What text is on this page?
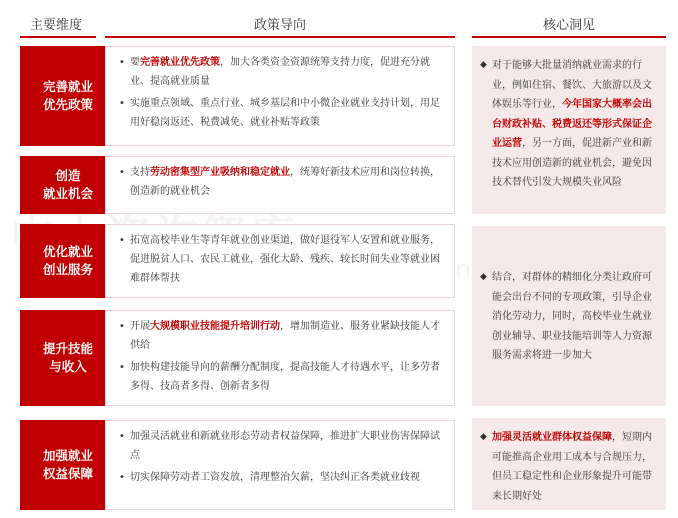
主要维度	政策导向	核心洞见
完善就业
优先政策
创造
就业机会
优化就业
创业服务
提升技能
与收入
加强就业
权益保障
• 要完善就业优先政策，加大各类资金资源统筹支持力度，促进充分就业、提高就业质量
• 实施重点领域、重点行业、城乡基层和中小微企业就业支持计划，用足用好稳岗返还、税费减免、就业补贴等政策
• 支持劳动密集型产业吸纳和稳定就业，统筹好新技术应用和岗位转换，创造新的就业机会
• 拓宽高校毕业生等青年就业创业渠道，做好退役军人安置和就业服务，促进脱贫人口、农民工就业，强化大龄、残疾、较长时间失业等就业困难群体帮扶
• 开展大规模职业技能提升培训行动，增加制造业、服务业紧缺技能人才供给
• 加快构建技能导向的薪酬分配制度，提高技能人才待遇水平，让多劳者多得、技高者多得、创新者多得
• 加强灵活就业和新就业形态劳动者权益保障，推进扩大职业伤害保障试点
• 切实保障劳动者工资发放，清理整治欠薪，坚决纠正各类就业歧视
◆ 对于能够大批量消纳就业需求的行业，例如住宿、餐饮、大旅游以及文体娱乐等行业，今年国家大概率会出台财政补贴、税费返还等形式保证企业运营，另一方面，促进新产业和新技术应用创造新的就业机会，避免因技术替代引发大规模失业风险
◆ 结合，对群体的精细化分类让政府可能会出台不同的专项政策，引导企业消化劳动力，同时，高校毕业生就业创业辅导、职业技能培训等人力资源服务需求将进一步加大
◆ 加强灵活就业群体权益保障，短期内可能推高企业用工成本与合规压力，但员工稳定性和企业形象提升可能带来长期好处
